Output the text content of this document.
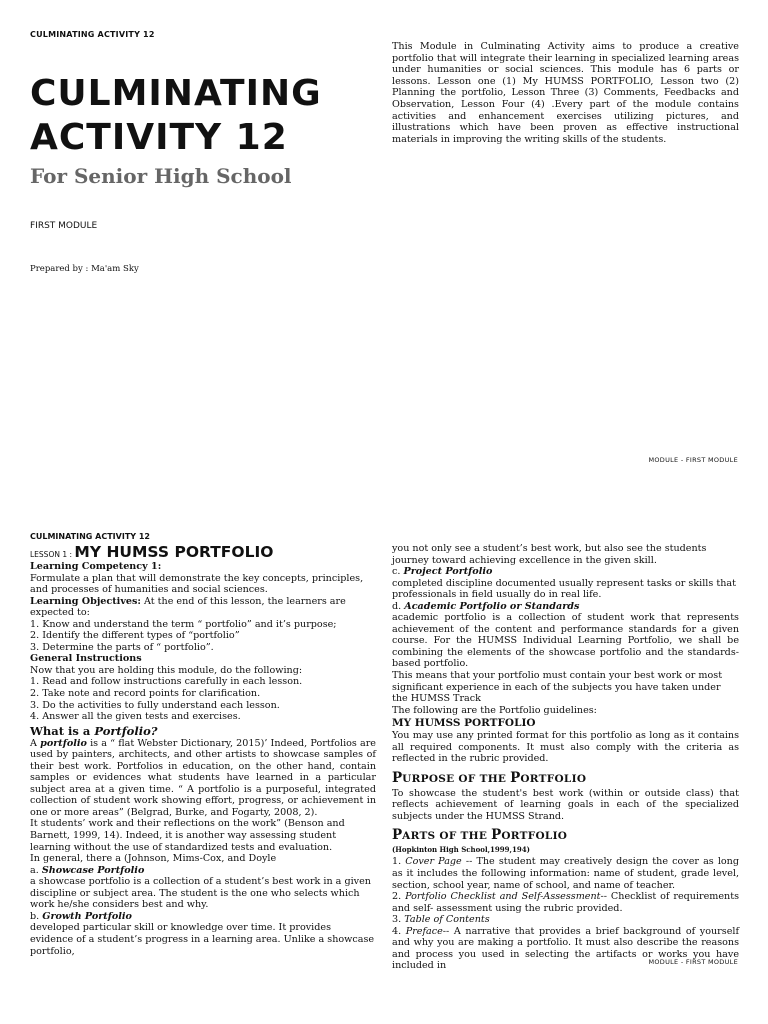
CULMINATING ACTIVITY 12
CULMINATING
ACTIVITY 12
For Senior High School
FIRST MODULE
Prepared by : Ma'am Sky
This Module in Culminating Activity aims to produce a creative portfolio that will integrate their learning in specialized learning areas under humanities or social sciences. This module has 6 parts or lessons. Lesson one (1) My HUMSS PORTFOLIO, Lesson two (2) Planning the portfolio, Lesson Three (3) Comments, Feedbacks and Observation, Lesson Four (4) .Every part of the module contains activities and enhancement exercises utilizing pictures, and illustrations which have been proven as effective instructional materials in improving the writing skills of the students.
MODULE - FIRST MODULE
CULMINATING ACTIVITY 12

LESSON 1 : MY HUMSS PORTFOLIO

Learning Competency 1:

Formulate a plan that will demonstrate the key concepts, principles, and processes of humanities and social sciences.

Learning Objectives: At the end of this lesson, the learners are expected to:

1. Know and understand the term “ portfolio” and it’s purpose;

2. Identify the different types of “portfolio”

3. Determine the parts of “ portfolio”.

General Instructions

Now that you are holding this module, do the following:

1. Read and follow instructions carefully in each lesson.

2. Take note and record points for clarification.

3. Do the activities to fully understand each lesson.

4. Answer all the given tests and exercises.

What is a Portfolio?

A portfolio is a “ flat Webster Dictionary, 2015)’ Indeed, Portfolios are used by painters, architects, and other artists to showcase samples of their best work. Portfolios in education, on the other hand, contain samples or evidences what students have learned in a particular subject area at a given time. “ A portfolio is a purposeful, integrated collection of student work showing effort, progress, or achievement in one or more areas” (Belgrad, Burke, and Fogarty, 2008, 2).

It students’ work and their reflections on the work” (Benson and Barnett, 1999, 14). Indeed, it is another way assessing student learning without the use of standardized tests and evaluation.

In general, there a (Johnson, Mims-Cox, and Doyle

a. Showcase Portfolio

a showcase portfolio is a collection of a student’s best work in a given discipline or subject area. The student is the one who selects which work he/she considers best and why.

b. Growth Portfolio

developed particular skill or knowledge over time. It provides evidence of a student’s progress in a learning area. Unlike a showcase portfolio,

you not only see a student’s best work, but also see the students journey toward achieving excellence in the given skill.

c. Project Portfolio

completed discipline documented usually represent tasks or skills that professionals in field usually do in real life.

d. Academic Portfolio or Standards

academic portfolio is a collection of student work that represents achievement of the content and performance standards for a given course. For the HUMSS Individual Learning Portfolio, we shall be combining the elements of the showcase portfolio and the standards-based portfolio.

This means that your portfolio must contain your best work or most significant experience in each of the subjects you have taken under the HUMSS Track

The following are the Portfolio guidelines:

MY HUMSS PORTFOLIO

You may use any printed format for this portfolio as long as it contains all required components. It must also comply with the criteria as reflected in the rubric provided.

PURPOSE OF THE PORTFOLIO

To showcase the student's best work (within or outside class) that reflects achievement of learning goals in each of the specialized subjects under the HUMSS Strand.

PARTS OF THE PORTFOLIO

(Hopkinton High School,1999,194)

1. Cover Page -- The student may creatively design the cover as long as it includes the following information: name of student, grade level, section, school year, name of school, and name of teacher.

2. Portfolio Checklist and Self-Assessment-- Checklist of requirements and self- assessment using the rubric provided.

3. Table of Contents

4. Preface-- A narrative that provides a brief background of yourself and why you are making a portfolio. It must also describe the reasons and process you used in selecting the artifacts or works you have included in	MODULE - FIRST MODULE
